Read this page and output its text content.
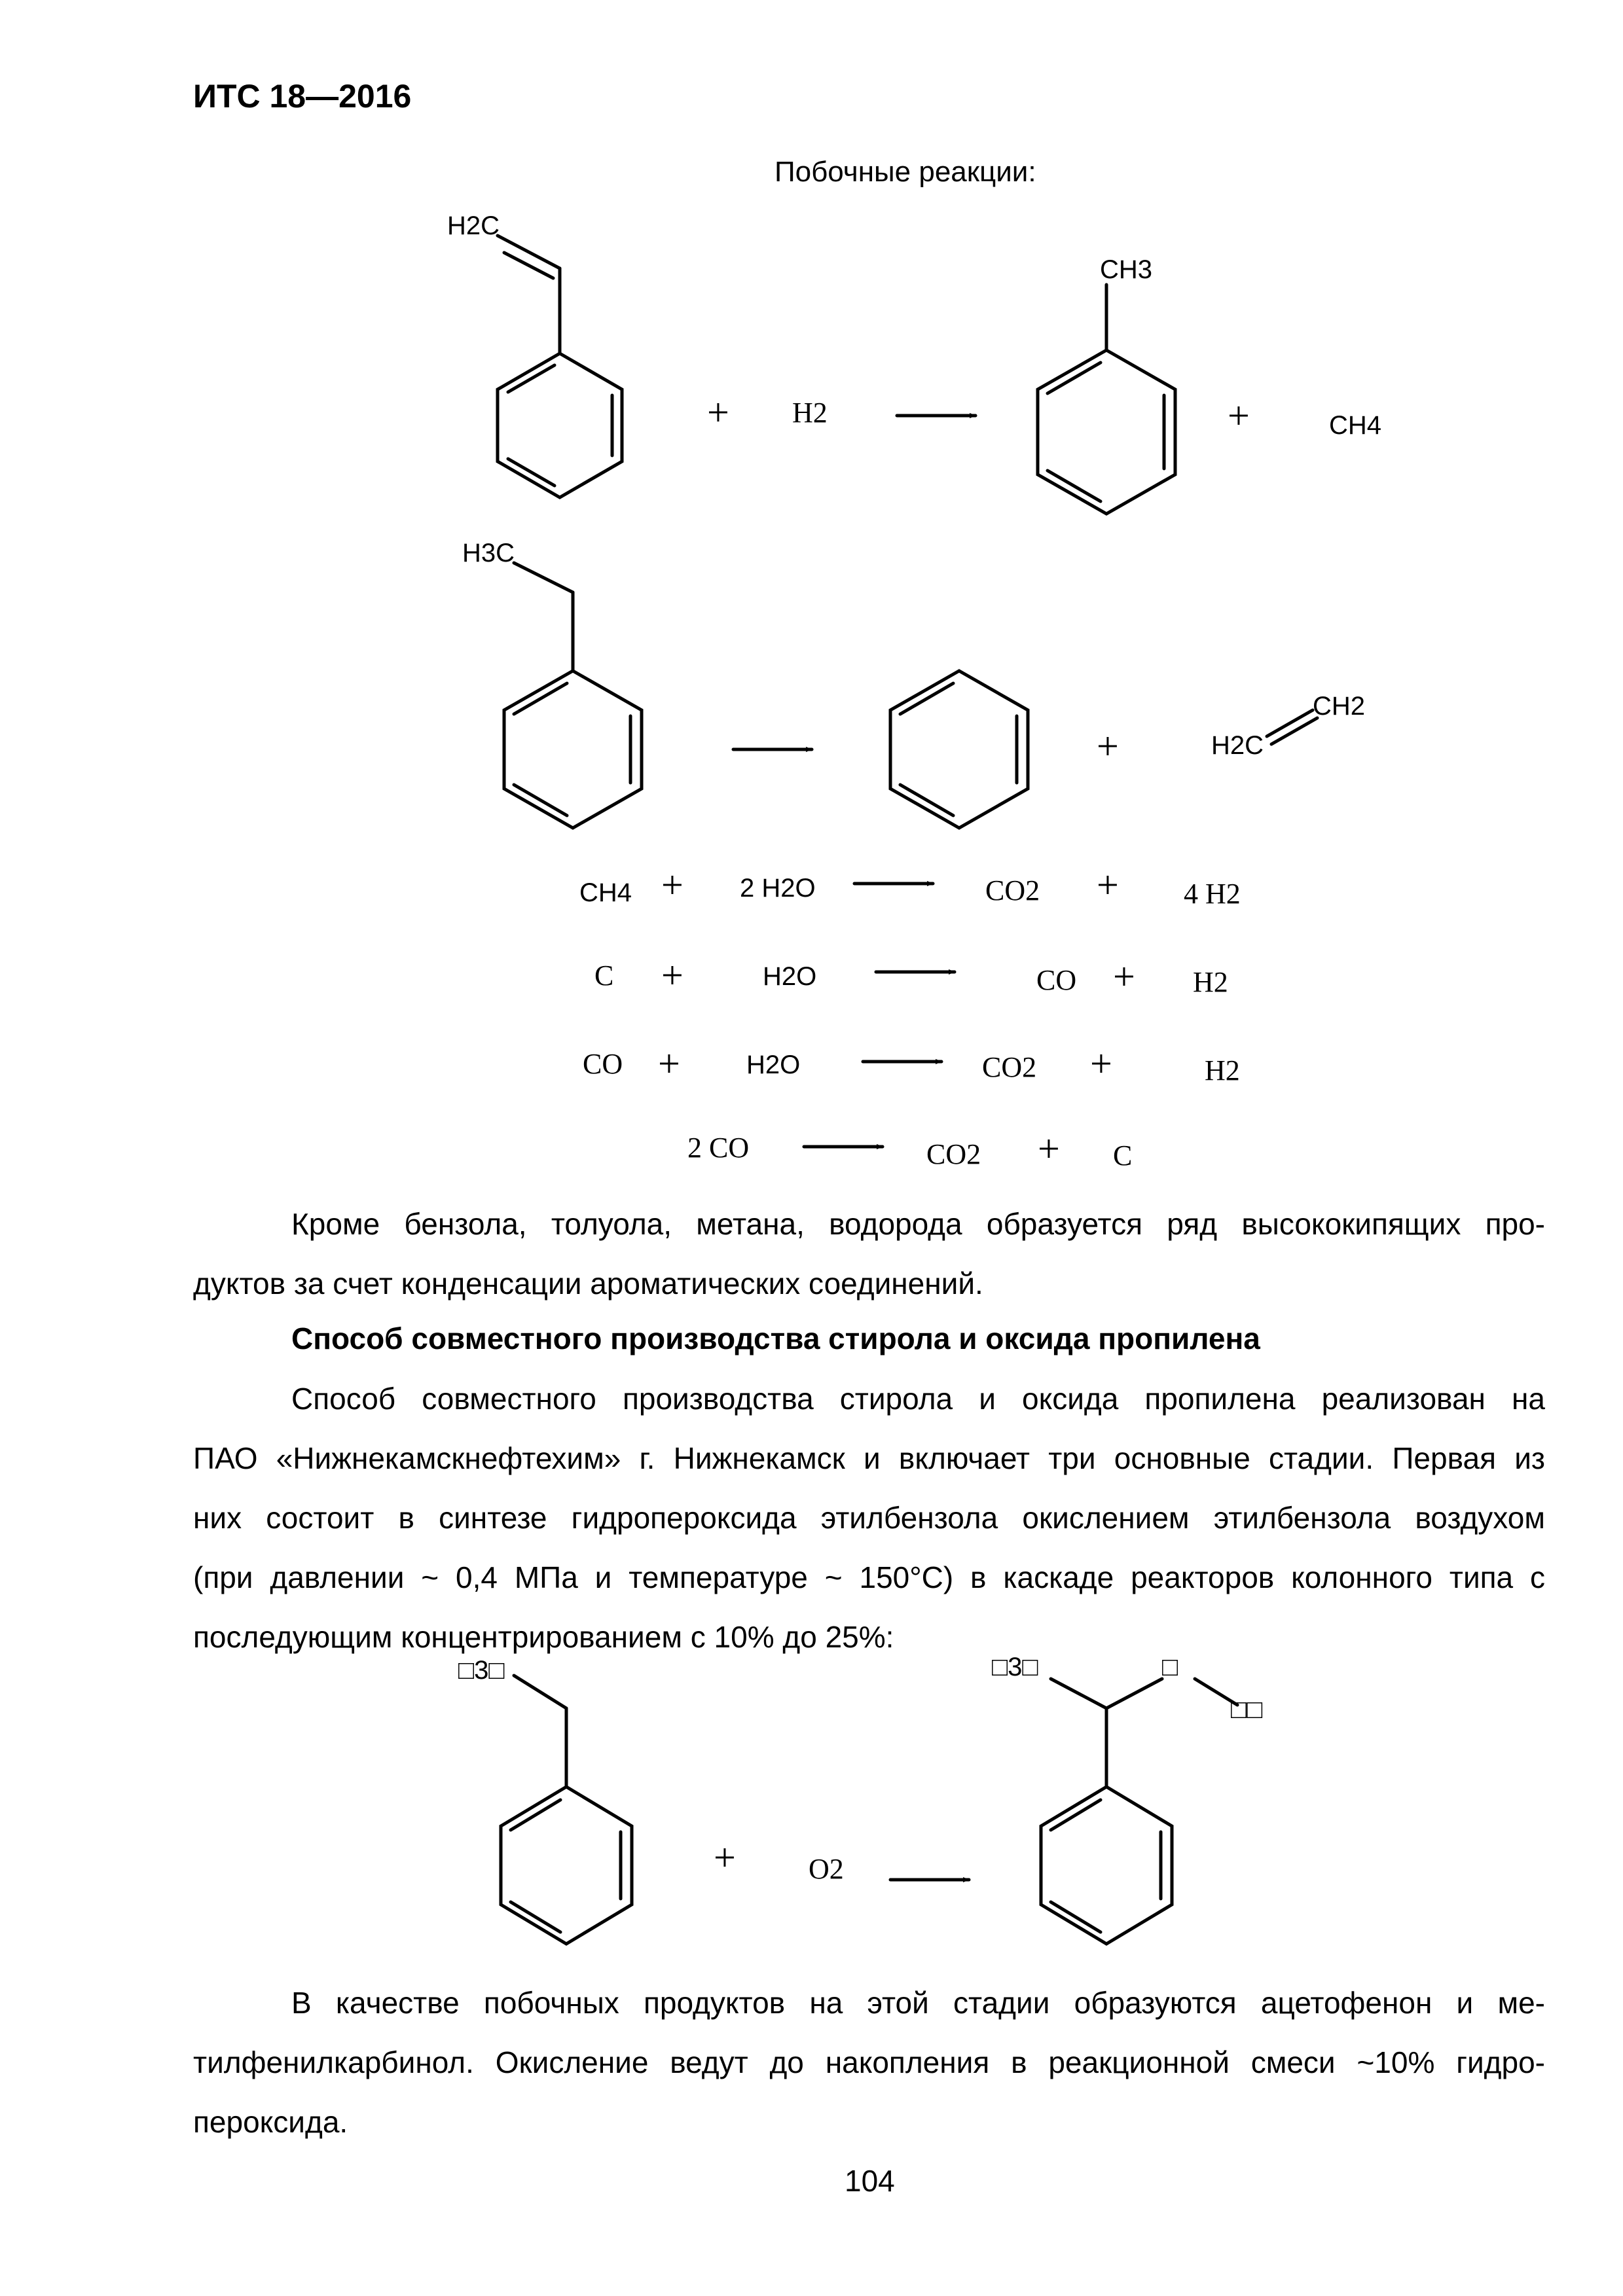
ИТС 18—2016
Побочные реакции:
H2C
+ H2
CH3
+	CH4
H3C
+
CH2
H2C
CH4 + 2 H2O	CO2 + 4 H2
C +	H2O	CO + H2
CO +	H2O	CO2 +	H2
2 CO	CO2 + C
□3□
+	O2
□3□	□
□□
Кроме бензола, толуола, метана, водорода образуется ряд высококипящих про-
дуктов за счет конденсации ароматических соединений.
Способ совместного производства стирола и оксида пропилена
Способ совместного производства стирола и оксида пропилена реализован на
ПАО «Нижнекамскнефтехим» г. Нижнекамск и включает три основные стадии. Первая из
них состоит в синтезе гидропероксида этилбензола окислением этилбензола воздухом
(при давлении ~ 0,4 МПа и температуре ~ 150°С) в каскаде реакторов колонного типа с
последующим концентрированием с 10% до 25%:
В качестве побочных продуктов на этой стадии образуются ацетофенон и ме-
тилфенилкарбинол. Окисление ведут до накопления в реакционной смеси ~10% гидро-
пероксида.
104
